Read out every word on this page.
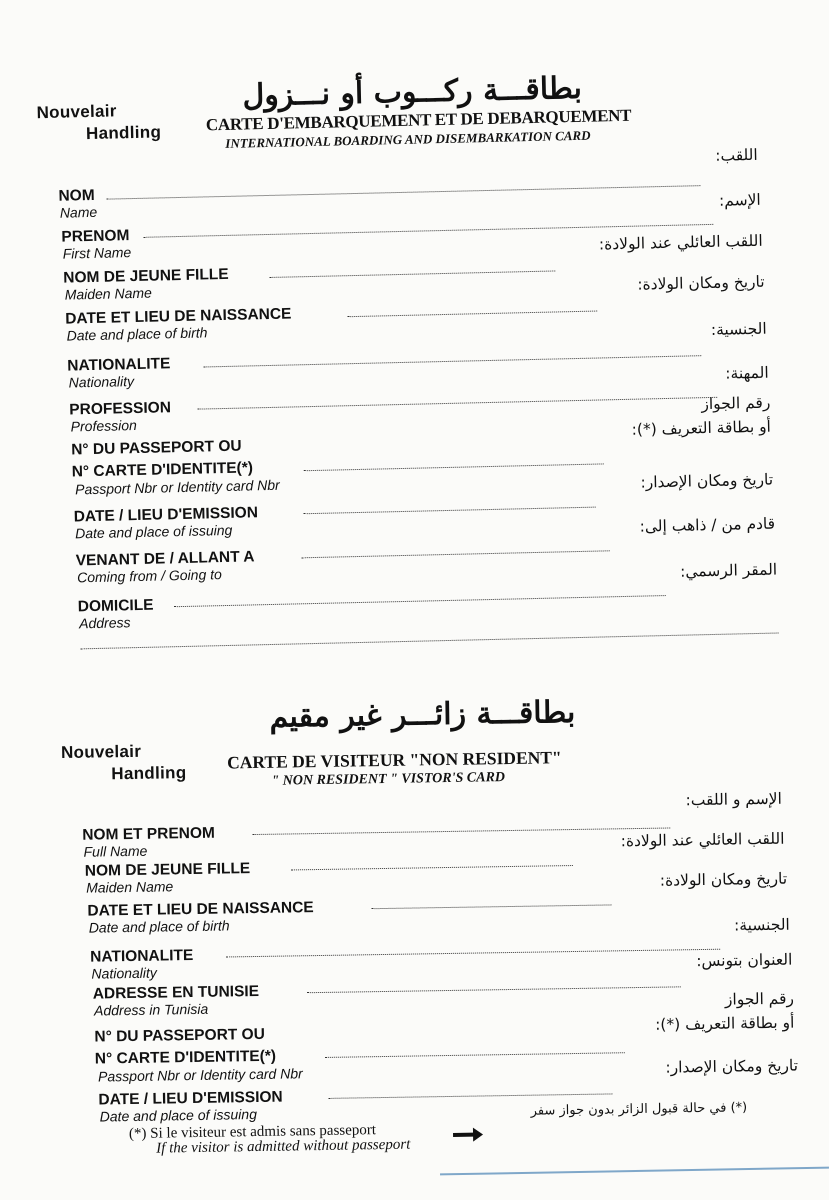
Nouvelair
Handling
بطاقـــة ركـــوب أو نـــزول
CARTE D'EMBARQUEMENT ET DE DEBARQUEMENT
INTERNATIONAL BOARDING AND DISEMBARKATION CARD
NOM
Name
اللقب:
PRENOM
First Name
الإسم:
NOM DE JEUNE FILLE
Maiden Name
اللقب العائلي عند الولادة:
DATE ET LIEU DE NAISSANCE
Date and place of birth
تاريخ ومكان الولادة:
NATIONALITE
Nationality
الجنسية:
PROFESSION
Profession
المهنة:
N° DU PASSEPORT OU
N° CARTE D'IDENTITE(*)
Passport Nbr or Identity card Nbr
رقم الجواز
أو بطاقة التعريف (*):
DATE / LIEU D'EMISSION
Date and place of issuing
تاريخ ومكان الإصدار:
VENANT DE / ALLANT A
Coming from / Going to
قادم من / ذاهب إلى:
DOMICILE
Address
المقر الرسمي:
بطاقـــة زائـــر غير مقيم
Nouvelair
Handling
CARTE DE VISITEUR "NON RESIDENT"
" NON RESIDENT " VISTOR'S CARD
NOM ET PRENOM
Full Name
الإسم و اللقب:
NOM DE JEUNE FILLE
Maiden Name
اللقب العائلي عند الولادة:
DATE ET LIEU DE NAISSANCE
Date and place of birth
تاريخ ومكان الولادة:
NATIONALITE
Nationality
الجنسية:
ADRESSE EN TUNISIE
Address in Tunisia
العنوان بتونس:
N° DU PASSEPORT OU
N° CARTE D'IDENTITE(*)
Passport Nbr or Identity card Nbr
رقم الجواز
أو بطاقة التعريف (*):
DATE / LIEU D'EMISSION
Date and place of issuing
تاريخ ومكان الإصدار:
(*) Si le visiteur est admis sans passeport
If the visitor is admitted without passeport
(*) في حالة قبول الزائر بدون جواز سفر
